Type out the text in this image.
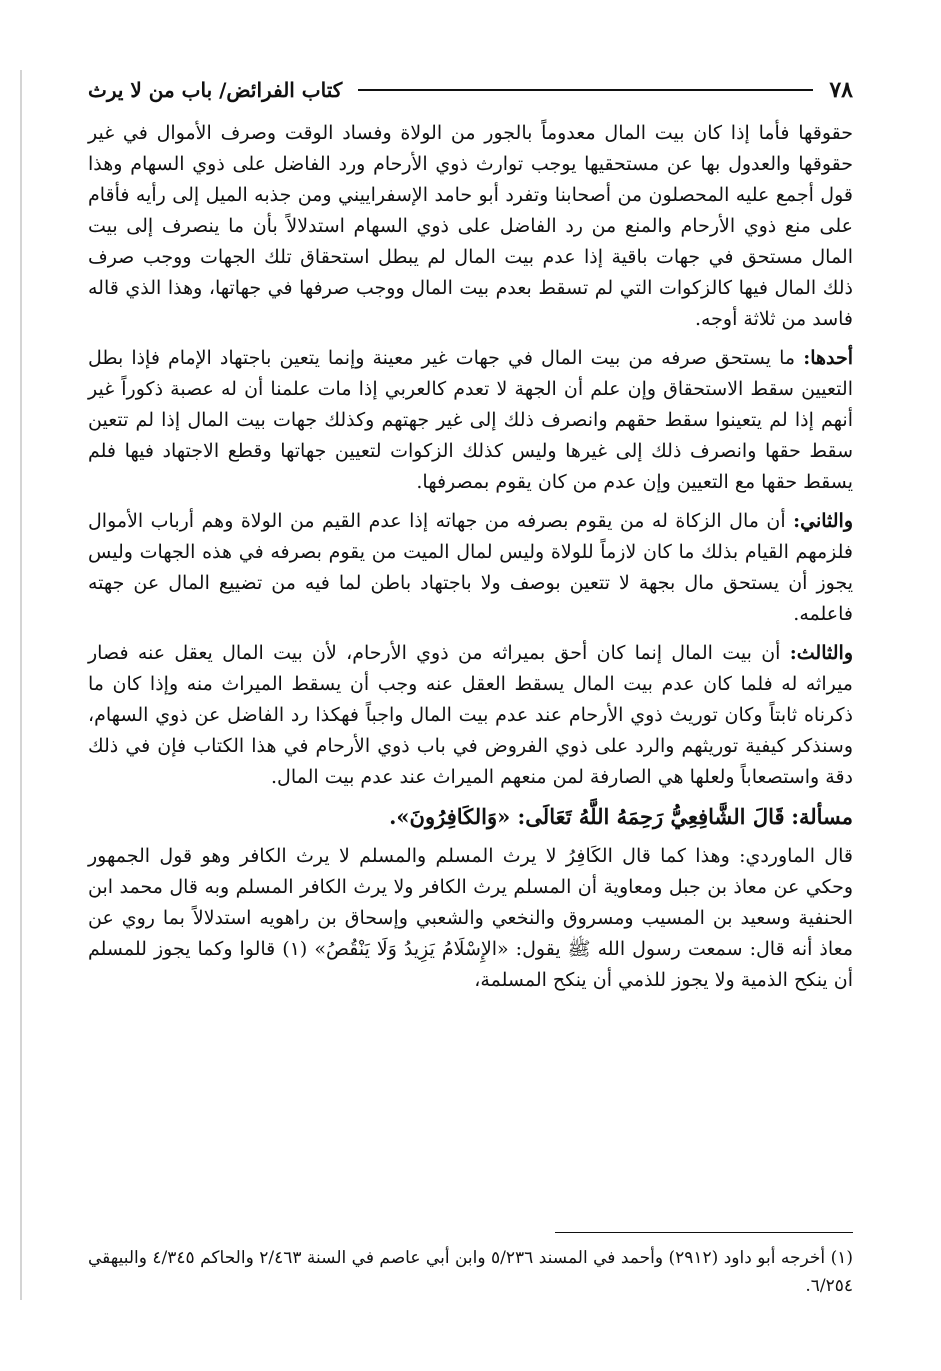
٧٨
كتاب الفرائض/ باب من لا يرث

حقوقها فأما إذا كان بيت المال معدوماً بالجور من الولاة وفساد الوقت وصرف الأموال في غير حقوقها والعدول بها عن مستحقيها يوجب توارث ذوي الأرحام ورد الفاضل على ذوي السهام وهذا قول أجمع عليه المحصلون من أصحابنا وتفرد أبو حامد الإسفراييني ومن جذبه الميل إلى رأيه فأقام على منع ذوي الأرحام والمنع من رد الفاضل على ذوي السهام استدلالاً بأن ما ينصرف إلى بيت المال مستحق في جهات باقية إذا عدم بيت المال لم يبطل استحقاق تلك الجهات ووجب صرف ذلك المال فيها كالزكوات التي لم تسقط بعدم بيت المال ووجب صرفها في جهاتها، وهذا الذي قاله فاسد من ثلاثة أوجه.

أحدها: ما يستحق صرفه من بيت المال في جهات غير معينة وإنما يتعين باجتهاد الإمام فإذا بطل التعيين سقط الاستحقاق وإن علم أن الجهة لا تعدم كالعربي إذا مات علمنا أن له عصبة ذكوراً غير أنهم إذا لم يتعينوا سقط حقهم وانصرف ذلك إلى غير جهتهم وكذلك جهات بيت المال إذا لم تتعين سقط حقها وانصرف ذلك إلى غيرها وليس كذلك الزكوات لتعيين جهاتها وقطع الاجتهاد فيها فلم يسقط حقها مع التعيين وإن عدم من كان يقوم بمصرفها.

والثاني: أن مال الزكاة له من يقوم بصرفه من جهاته إذا عدم القيم من الولاة وهم أرباب الأموال فلزمهم القيام بذلك ما كان لازماً للولاة وليس لمال الميت من يقوم بصرفه في هذه الجهات وليس يجوز أن يستحق مال بجهة لا تتعين بوصف ولا باجتهاد باطن لما فيه من تضييع المال عن جهته فاعلمه.

والثالث: أن بيت المال إنما كان أحق بميراثه من ذوي الأرحام، لأن بيت المال يعقل عنه فصار ميراثه له فلما كان عدم بيت المال يسقط العقل عنه وجب أن يسقط الميراث منه وإذا كان ما ذكرناه ثابتاً وكان توريث ذوي الأرحام عند عدم بيت المال واجباً فهكذا رد الفاضل عن ذوي السهام، وسنذكر كيفية توريثهم والرد على ذوي الفروض في باب ذوي الأرحام في هذا الكتاب فإن في ذلك دقة واستصعاباً ولعلها هي الصارفة لمن منعهم الميراث عند عدم بيت المال.

مسألة: قَالَ الشَّافِعِيُّ رَحِمَهُ اللَّهُ تَعَالَى: «وَالكَافِرُونَ».

قال الماوردي: وهذا كما قال الكَافِرُ لا يرث المسلم والمسلم لا يرث الكافر وهو قول الجمهور وحكي عن معاذ بن جبل ومعاوية أن المسلم يرث الكافر ولا يرث الكافر المسلم وبه قال محمد ابن الحنفية وسعيد بن المسيب ومسروق والنخعي والشعبي وإسحاق بن راهويه استدلالاً بما روي عن معاذ أنه قال: سمعت رسول الله ﷺ يقول: «الإِسْلَامُ يَزِيدُ وَلَا يَنْقُصُ» (١) قالوا وكما يجوز للمسلم أن ينكح الذمية ولا يجوز للذمي أن ينكح المسلمة،

(١) أخرجه أبو داود (٢٩١٢) وأحمد في المسند ٥/٢٣٦ وابن أبي عاصم في السنة ٢/٤٦٣ والحاكم ٤/٣٤٥ والبيهقي ٦/٢٥٤.
